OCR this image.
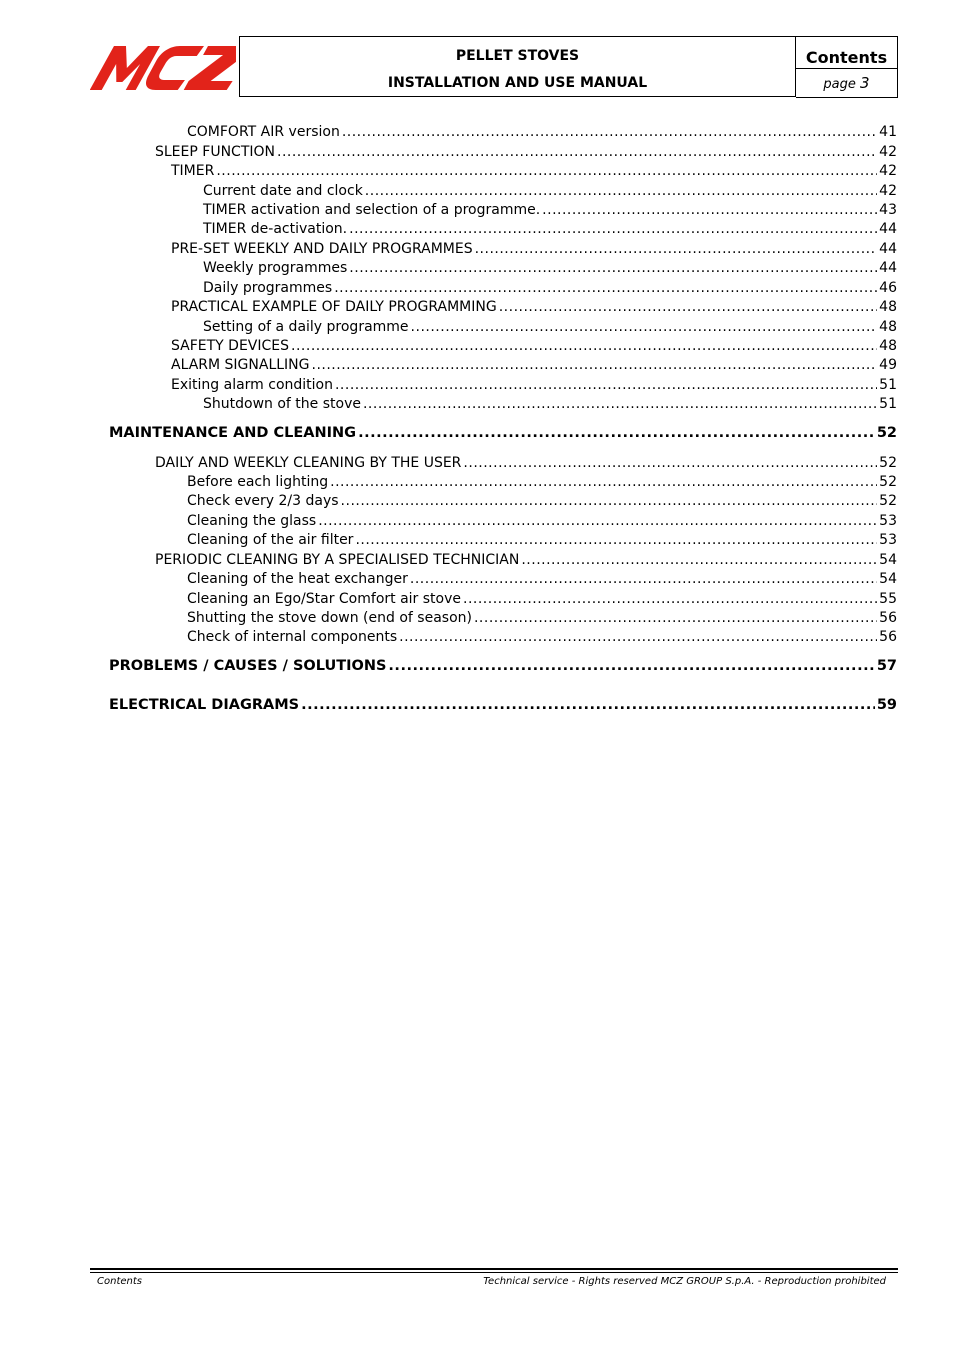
PELLET STOVES
INSTALLATION AND USE MANUAL
Contents
page 3
COMFORT AIR version .....	41
SLEEP FUNCTION .....	42
TIMER .....	42
Current date and clock .....	42
TIMER activation and selection of a programme. .....	43
TIMER de-activation. .....	44
PRE-SET WEEKLY AND DAILY PROGRAMMES .....	44
Weekly programmes .....	44
Daily programmes .....	46
PRACTICAL EXAMPLE OF DAILY PROGRAMMING .....	48
Setting of a daily programme .....	48
SAFETY DEVICES .....	48
ALARM SIGNALLING .....	49
Exiting alarm condition .....	51
Shutdown of the stove .....	51
MAINTENANCE AND CLEANING .....	52
DAILY AND WEEKLY CLEANING BY THE USER .....	52
Before each lighting .....	52
Check every 2/3 days .....	52
Cleaning the glass .....	53
Cleaning of the air filter .....	53
PERIODIC CLEANING BY A SPECIALISED TECHNICIAN .....	54
Cleaning of the heat exchanger .....	54
Cleaning an Ego/Star Comfort air stove .....	55
Shutting the stove down (end of season) .....	56
Check of internal components .....	56
PROBLEMS / CAUSES / SOLUTIONS .....	57
ELECTRICAL DIAGRAMS .....	59
Contents	Technical service - Rights reserved MCZ GROUP S.p.A. - Reproduction prohibited
